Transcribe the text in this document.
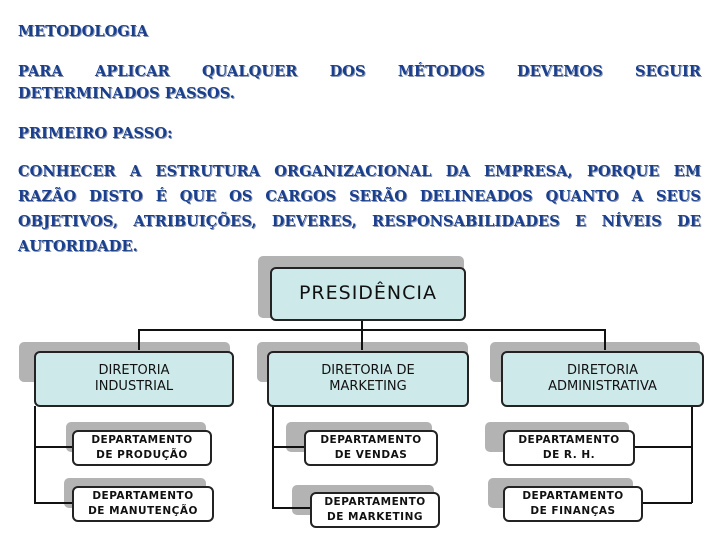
METODOLOGIA
PARA APLICAR QUALQUER DOS MÉTODOS DEVEMOS SEGUIR
DETERMINADOS PASSOS.
PRIMEIRO PASSO:
CONHECER A ESTRUTURA ORGANIZACIONAL DA EMPRESA, PORQUE EM
RAZÃO DISTO É QUE OS CARGOS SERÃO DELINEADOS QUANTO A SEUS
OBJETIVOS, ATRIBUIÇÕES, DEVERES, RESPONSABILIDADES E NÍVEIS DE
AUTORIDADE.
PRESIDÊNCIA
DIRETORIA
INDUSTRIAL
DIRETORIA DE
MARKETING
DIRETORIA
ADMINISTRATIVA
DEPARTAMENTO
DE PRODUÇÃO
DEPARTAMENTO
DE MANUTENÇÃO
DEPARTAMENTO
DE VENDAS
DEPARTAMENTO
DE MARKETING
DEPARTAMENTO
DE R. H.
DEPARTAMENTO
DE FINANÇAS
